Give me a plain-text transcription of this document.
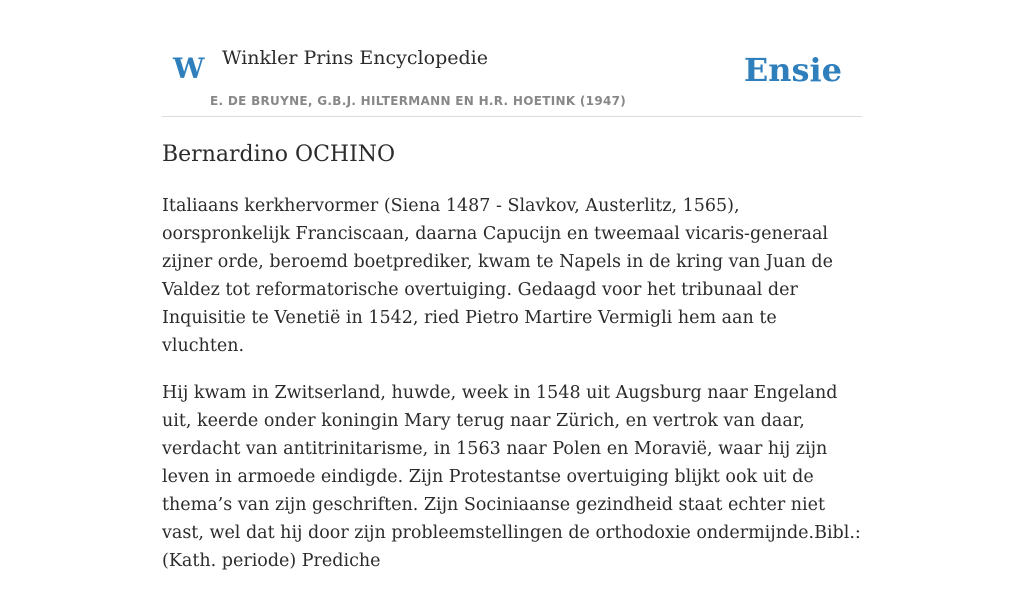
W Winkler Prins Encyclopedie
E. DE BRUYNE, G.B.J. HILTERMANN EN H.R. HOETINK (1947)
Ensie
Bernardino OCHINO

Italiaans kerkhervormer (Siena 1487 - Slavkov, Austerlitz, 1565), oorspronkelijk Franciscaan, daarna Capucijn en tweemaal vicaris-generaal zijner orde, beroemd boetprediker, kwam te Napels in de kring van Juan de Valdez tot reformatorische overtuiging. Gedaagd voor het tribunaal der Inquisitie te Venetië in 1542, ried Pietro Martire Vermigli hem aan te vluchten.

Hij kwam in Zwitserland, huwde, week in 1548 uit Augsburg naar Engeland uit, keerde onder koningin Mary terug naar Zürich, en vertrok van daar, verdacht van antitrinitarisme, in 1563 naar Polen en Moravië, waar hij zijn leven in armoede eindigde. Zijn Protestantse overtuiging blijkt ook uit de thema’s van zijn geschriften. Zijn Sociniaanse gezindheid staat echter niet vast, wel dat hij door zijn probleemstellingen de orthodoxie ondermijnde.Bibl.: (Kath. periode) Prediche
